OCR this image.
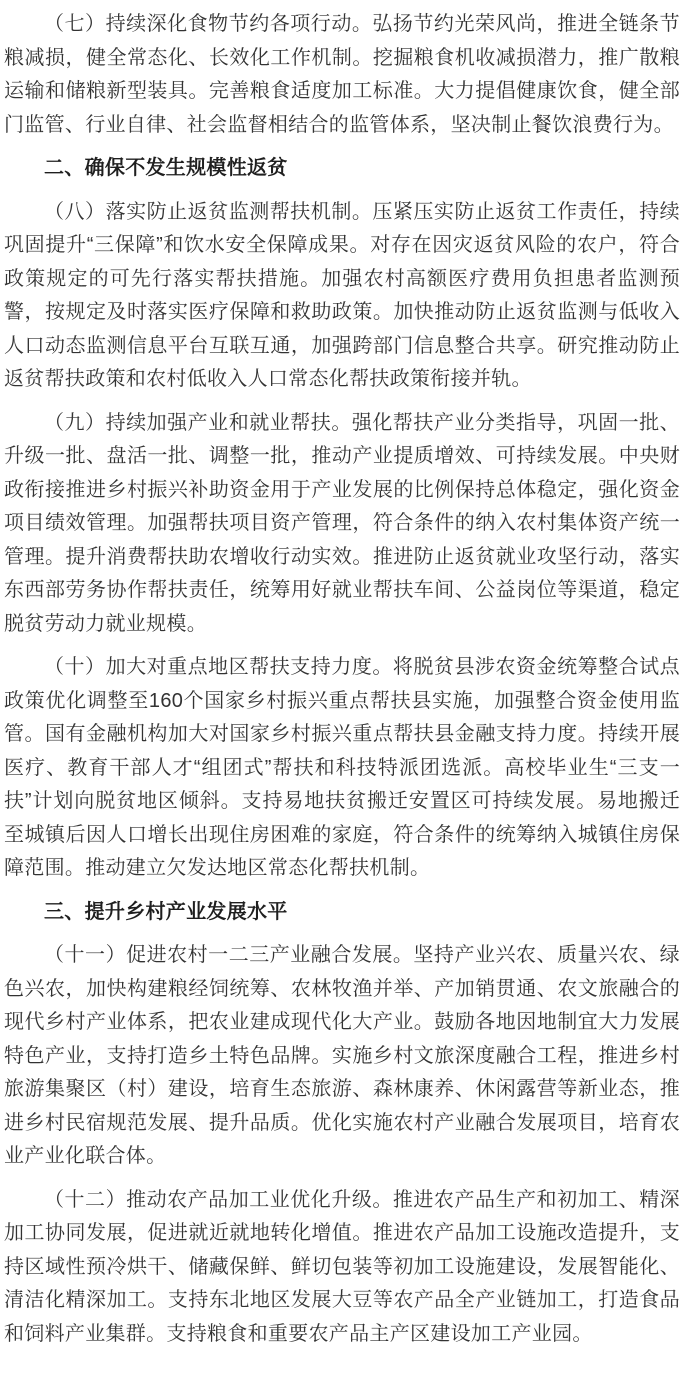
（七）持续深化食物节约各项行动。弘扬节约光荣风尚，推进全链条节粮减损，健全常态化、长效化工作机制。挖掘粮食机收减损潜力，推广散粮运输和储粮新型装具。完善粮食适度加工标准。大力提倡健康饮食，健全部门监管、行业自律、社会监督相结合的监管体系，坚决制止餐饮浪费行为。

二、确保不发生规模性返贫

（八）落实防止返贫监测帮扶机制。压紧压实防止返贫工作责任，持续巩固提升“三保障”和饮水安全保障成果。对存在因灾返贫风险的农户，符合政策规定的可先行落实帮扶措施。加强农村高额医疗费用负担患者监测预警，按规定及时落实医疗保障和救助政策。加快推动防止返贫监测与低收入人口动态监测信息平台互联互通，加强跨部门信息整合共享。研究推动防止返贫帮扶政策和农村低收入人口常态化帮扶政策衔接并轨。

（九）持续加强产业和就业帮扶。强化帮扶产业分类指导，巩固一批、升级一批、盘活一批、调整一批，推动产业提质增效、可持续发展。中央财政衔接推进乡村振兴补助资金用于产业发展的比例保持总体稳定，强化资金项目绩效管理。加强帮扶项目资产管理，符合条件的纳入农村集体资产统一管理。提升消费帮扶助农增收行动实效。推进防止返贫就业攻坚行动，落实东西部劳务协作帮扶责任，统筹用好就业帮扶车间、公益岗位等渠道，稳定脱贫劳动力就业规模。

（十）加大对重点地区帮扶支持力度。将脱贫县涉农资金统筹整合试点政策优化调整至160个国家乡村振兴重点帮扶县实施，加强整合资金使用监管。国有金融机构加大对国家乡村振兴重点帮扶县金融支持力度。持续开展医疗、教育干部人才“组团式”帮扶和科技特派团选派。高校毕业生“三支一扶”计划向脱贫地区倾斜。支持易地扶贫搬迁安置区可持续发展。易地搬迁至城镇后因人口增长出现住房困难的家庭，符合条件的统筹纳入城镇住房保障范围。推动建立欠发达地区常态化帮扶机制。

三、提升乡村产业发展水平

（十一）促进农村一二三产业融合发展。坚持产业兴农、质量兴农、绿色兴农，加快构建粮经饲统筹、农林牧渔并举、产加销贯通、农文旅融合的现代乡村产业体系，把农业建成现代化大产业。鼓励各地因地制宜大力发展特色产业，支持打造乡土特色品牌。实施乡村文旅深度融合工程，推进乡村旅游集聚区（村）建设，培育生态旅游、森林康养、休闲露营等新业态，推进乡村民宿规范发展、提升品质。优化实施农村产业融合发展项目，培育农业产业化联合体。

（十二）推动农产品加工业优化升级。推进农产品生产和初加工、精深加工协同发展，促进就近就地转化增值。推进农产品加工设施改造提升，支持区域性预冷烘干、储藏保鲜、鲜切包装等初加工设施建设，发展智能化、清洁化精深加工。支持东北地区发展大豆等农产品全产业链加工，打造食品和饲料产业集群。支持粮食和重要农产品主产区建设加工产业园。
